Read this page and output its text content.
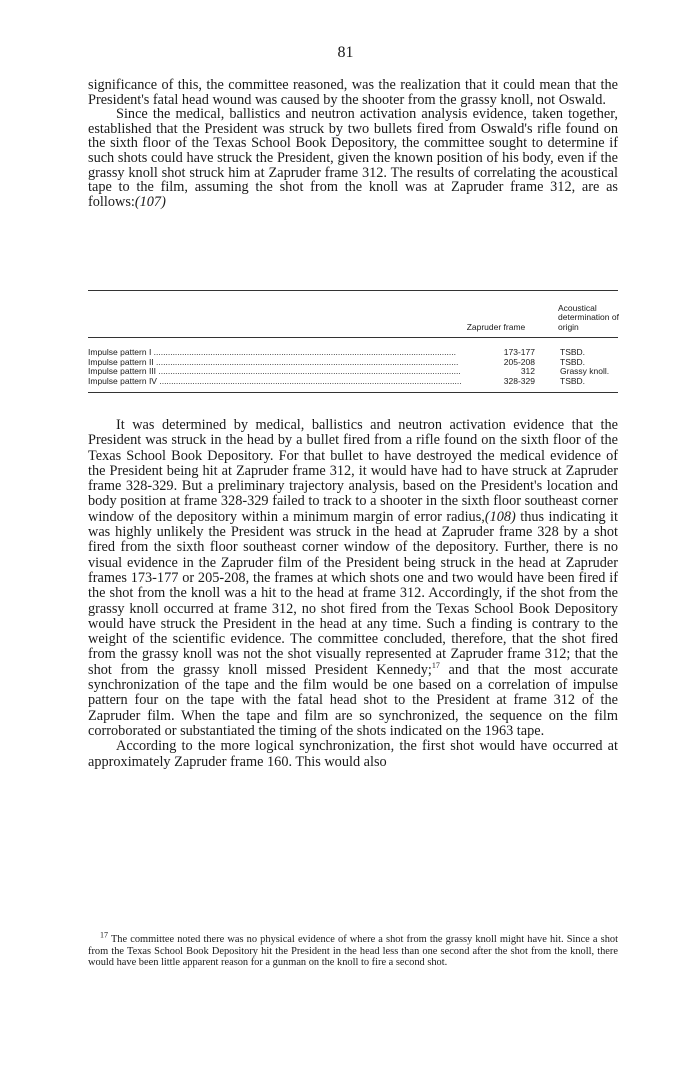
81

significance of this, the committee reasoned, was the realization that it could mean that the President's fatal head wound was caused by the shooter from the grassy knoll, not Oswald.

Since the medical, ballistics and neutron activation analysis evidence, taken together, established that the President was struck by two bullets fired from Oswald's rifle found on the sixth floor of the Texas School Book Depository, the committee sought to determine if such shots could have struck the President, given the known position of his body, even if the grassy knoll shot struck him at Zapruder frame 312. The results of correlating the acoustical tape to the film, assuming the shot from the knoll was at Zapruder frame 312, are as follows:(107)

Zapruder frame
Acoustical determination of origin
Impulse pattern I ................................................................................................................................	173-177	TSBD.
Impulse pattern II ................................................................................................................................	205-208	TSBD.
Impulse pattern III ................................................................................................................................	312	Grassy knoll.
Impulse pattern IV ................................................................................................................................	328-329	TSBD.

It was determined by medical, ballistics and neutron activation evidence that the President was struck in the head by a bullet fired from a rifle found on the sixth floor of the Texas School Book Depository. For that bullet to have destroyed the medical evidence of the President being hit at Zapruder frame 312, it would have had to have struck at Zapruder frame 328-329. But a preliminary trajectory analysis, based on the President's location and body position at frame 328-329 failed to track to a shooter in the sixth floor southeast corner window of the depository within a minimum margin of error radius,(108) thus indicating it was highly unlikely the President was struck in the head at Zapruder frame 328 by a shot fired from the sixth floor southeast corner window of the depository. Further, there is no visual evidence in the Zapruder film of the President being struck in the head at Zapruder frames 173-177 or 205-208, the frames at which shots one and two would have been fired if the shot from the knoll was a hit to the head at frame 312. Accordingly, if the shot from the grassy knoll occurred at frame 312, no shot fired from the Texas School Book Depository would have struck the President in the head at any time. Such a finding is contrary to the weight of the scientific evidence. The committee concluded, therefore, that the shot fired from the grassy knoll was not the shot visually represented at Zapruder frame 312; that the shot from the grassy knoll missed President Kennedy;$^{17}$ and that the most accurate synchronization of the tape and the film would be one based on a correlation of impulse pattern four on the tape with the fatal head shot to the President at frame 312 of the Zapruder film. When the tape and film are so synchronized, the sequence on the film corroborated or substantiated the timing of the shots indicated on the 1963 tape.

According to the more logical synchronization, the first shot would have occurred at approximately Zapruder frame 160. This would also

$^{17}$ The committee noted there was no physical evidence of where a shot from the grassy knoll might have hit. Since a shot from the Texas School Book Depository hit the President in the head less than one second after the shot from the knoll, there would have been little apparent reason for a gunman on the knoll to fire a second shot.
